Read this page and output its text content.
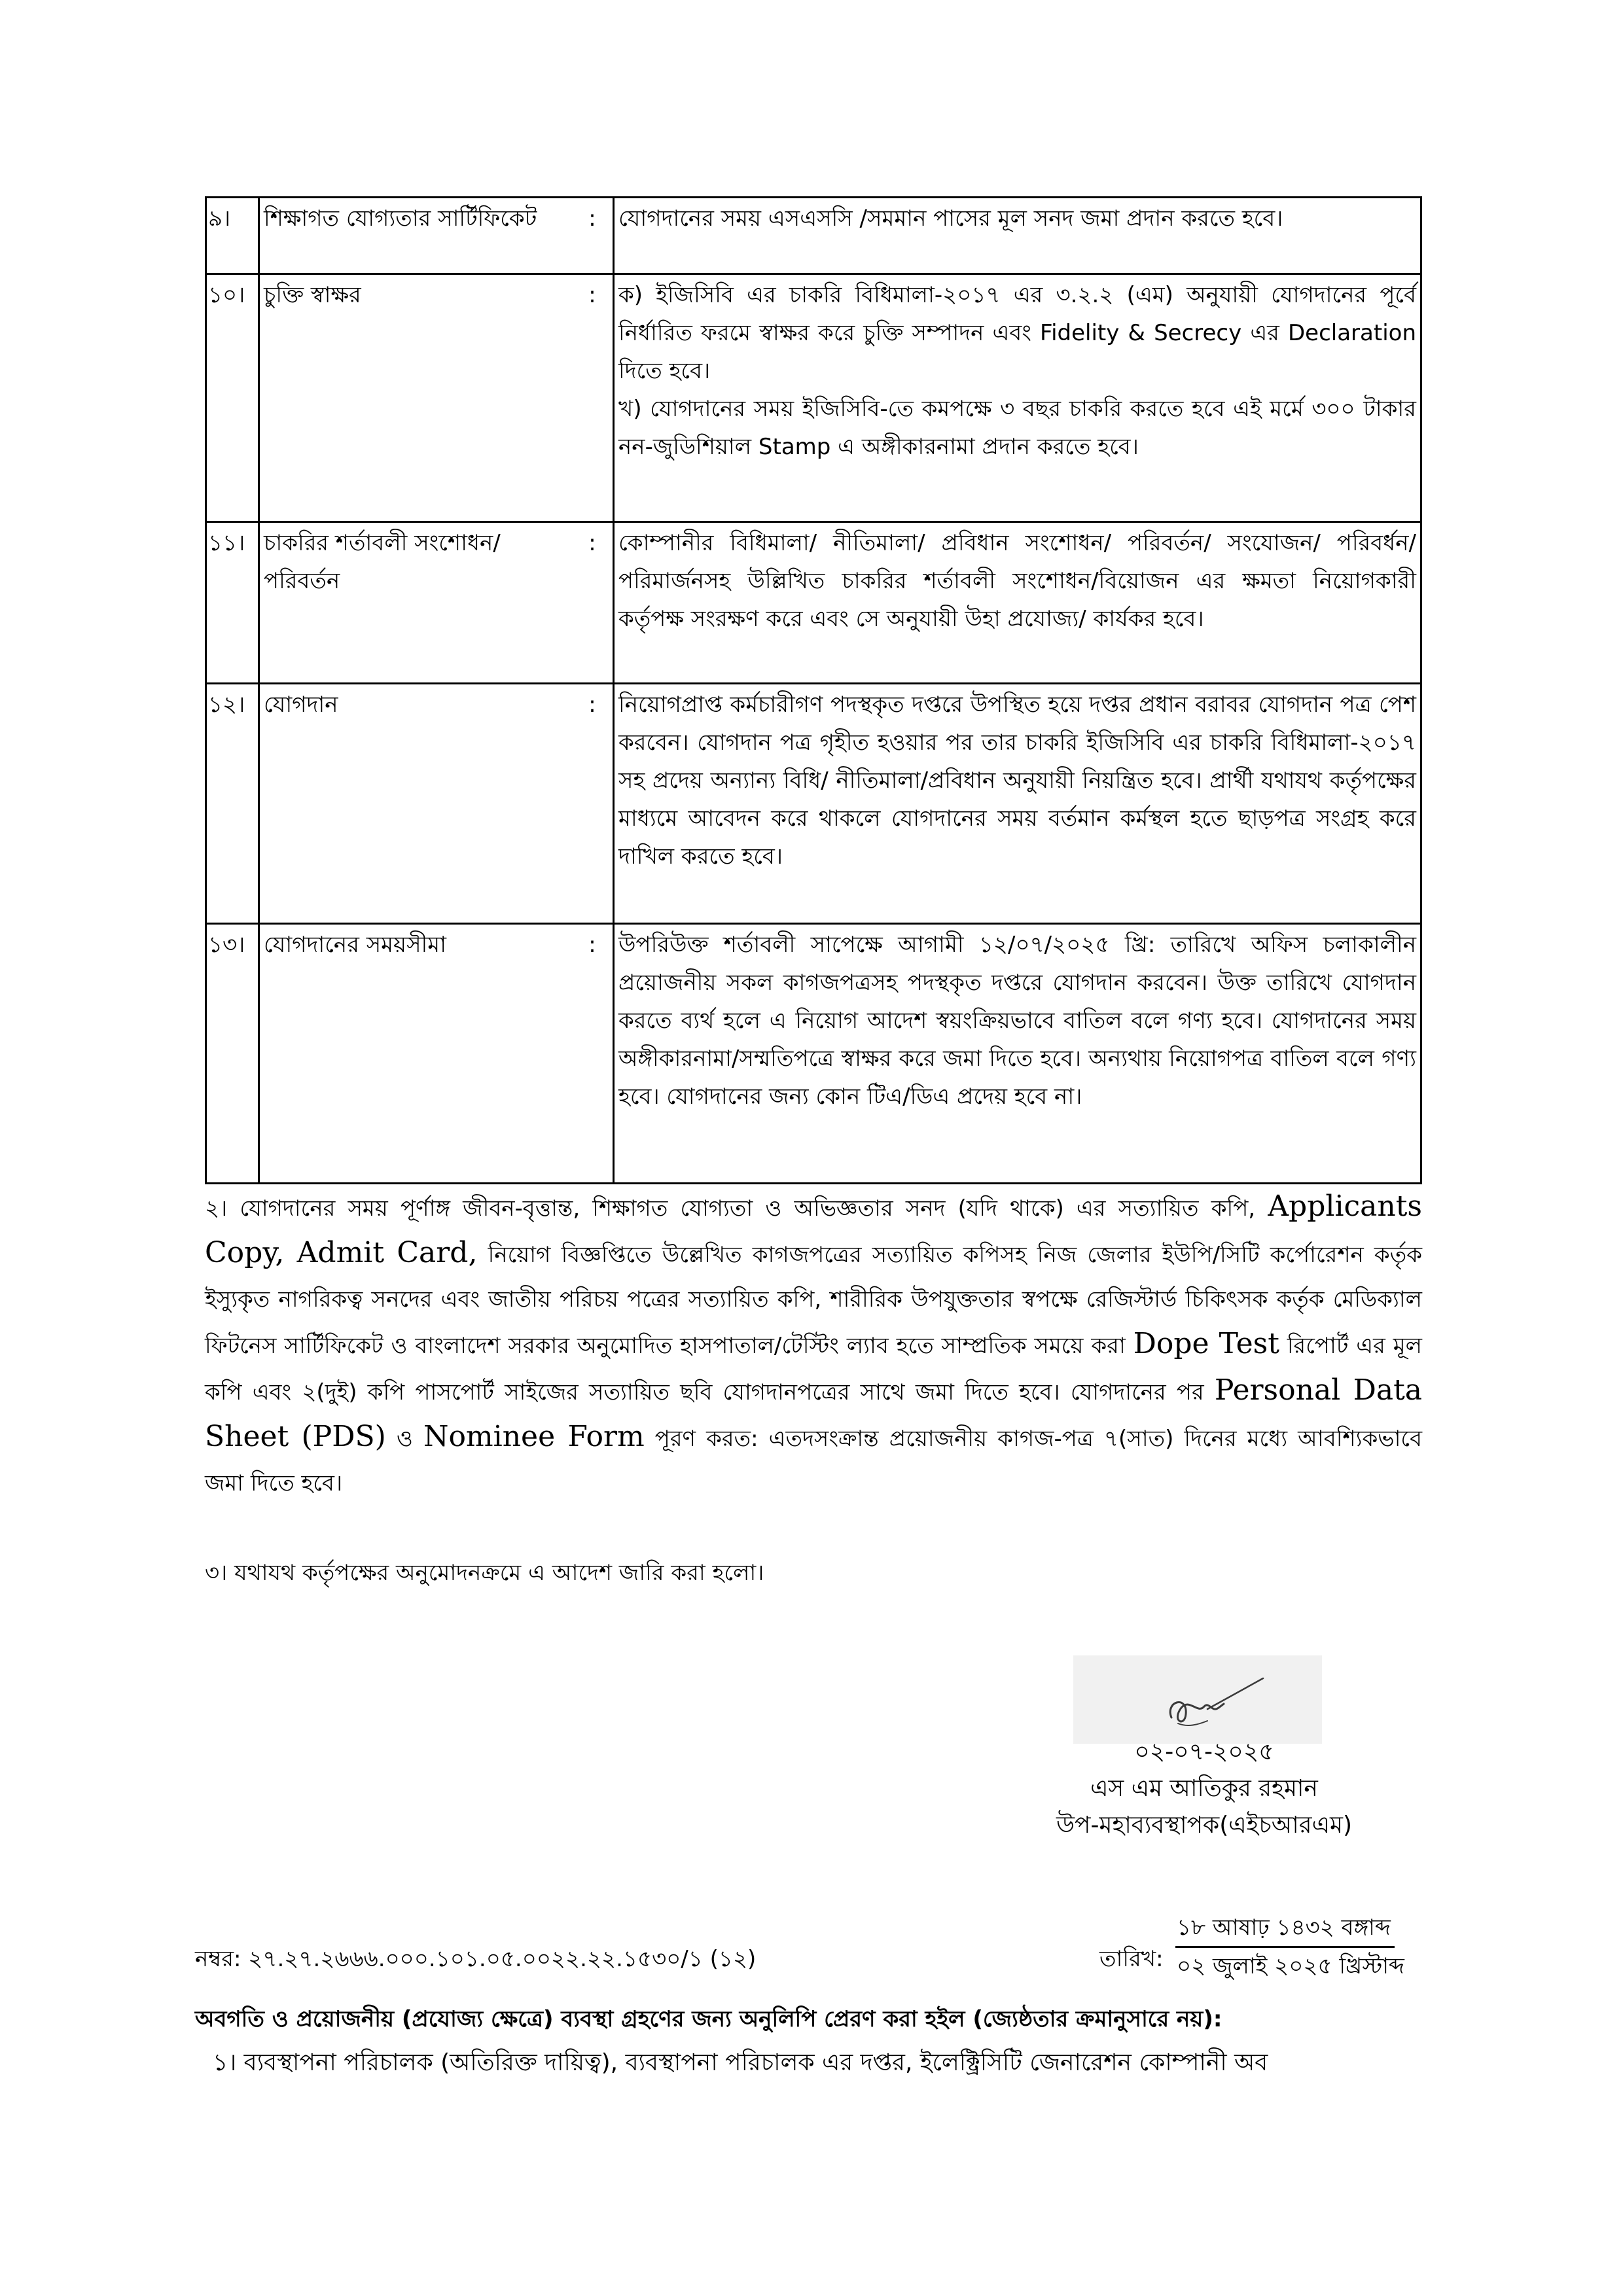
৯।	শিক্ষাগত যোগ্যতার সার্টিফিকেট	:	যোগদানের সময় এসএসসি /সমমান পাসের মূল সনদ জমা প্রদান করতে হবে।

১০।	চুক্তি স্বাক্ষর	:	ক) ইজিসিবি এর চাকরি বিধিমালা-২০১৭ এর ৩.২.২ (এম) অনুযায়ী যোগদানের পূর্বে নির্ধারিত ফরমে স্বাক্ষর করে চুক্তি সম্পাদন এবং Fidelity & Secrecy এর Declaration দিতে হবে।

খ) যোগদানের সময় ইজিসিবি-তে কমপক্ষে ৩ বছর চাকরি করতে হবে এই মর্মে ৩০০ টাকার নন-জুডিশিয়াল Stamp এ অঙ্গীকারনামা প্রদান করতে হবে।

১১।	চাকরির শর্তাবলী সংশোধন/ পরিবর্তন	:	কোম্পানীর বিধিমালা/ নীতিমালা/ প্রবিধান সংশোধন/ পরিবর্তন/ সংযোজন/ পরিবর্ধন/ পরিমার্জনসহ উল্লিখিত চাকরির শর্তাবলী সংশোধন/বিয়োজন এর ক্ষমতা নিয়োগকারী কর্তৃপক্ষ সংরক্ষণ করে এবং সে অনুযায়ী উহা প্রযোজ্য/ কার্যকর হবে।

১২।	যোগদান	:	নিয়োগপ্রাপ্ত কর্মচারীগণ পদস্থকৃত দপ্তরে উপস্থিত হয়ে দপ্তর প্রধান বরাবর যোগদান পত্র পেশ করবেন। যোগদান পত্র গৃহীত হওয়ার পর তার চাকরি ইজিসিবি এর চাকরি বিধিমালা-২০১৭ সহ প্রদেয় অন্যান্য বিধি/ নীতিমালা/প্রবিধান অনুযায়ী নিয়ন্ত্রিত হবে। প্রার্থী যথাযথ কর্তৃপক্ষের মাধ্যমে আবেদন করে থাকলে যোগদানের সময় বর্তমান কর্মস্থল হতে ছাড়পত্র সংগ্রহ করে দাখিল করতে হবে।

১৩।	যোগদানের সময়সীমা	:	উপরিউক্ত শর্তাবলী সাপেক্ষে আগামী ১২/০৭/২০২৫ খ্রি: তারিখে অফিস চলাকালীন প্রয়োজনীয় সকল কাগজপত্রসহ পদস্থকৃত দপ্তরে যোগদান করবেন। উক্ত তারিখে যোগদান করতে ব্যর্থ হলে এ নিয়োগ আদেশ স্বয়ংক্রিয়ভাবে বাতিল বলে গণ্য হবে। যোগদানের সময় অঙ্গীকারনামা/সম্মতিপত্রে স্বাক্ষর করে জমা দিতে হবে। অন্যথায় নিয়োগপত্র বাতিল বলে গণ্য হবে। যোগদানের জন্য কোন টিএ/ডিএ প্রদেয় হবে না।

২। যোগদানের সময় পূর্ণাঙ্গ জীবন-বৃত্তান্ত, শিক্ষাগত যোগ্যতা ও অভিজ্ঞতার সনদ (যদি থাকে) এর সত্যায়িত কপি, Applicants Copy, Admit Card, নিয়োগ বিজ্ঞপ্তিতে উল্লেখিত কাগজপত্রের সত্যায়িত কপিসহ নিজ জেলার ইউপি/সিটি কর্পোরেশন কর্তৃক ইস্যুকৃত নাগরিকত্ব সনদের এবং জাতীয় পরিচয় পত্রের সত্যায়িত কপি, শারীরিক উপযুক্ততার স্বপক্ষে রেজিস্টার্ড চিকিৎসক কর্তৃক মেডিক্যাল ফিটনেস সার্টিফিকেট ও বাংলাদেশ সরকার অনুমোদিত হাসপাতাল/টেস্টিং ল্যাব হতে সাম্প্রতিক সময়ে করা Dope Test রিপোর্ট এর মূল কপি এবং ২(দুই) কপি পাসপোর্ট সাইজের সত্যায়িত ছবি যোগদানপত্রের সাথে জমা দিতে হবে। যোগদানের পর Personal Data Sheet (PDS) ও Nominee Form পূরণ করত: এতদসংক্রান্ত প্রয়োজনীয় কাগজ-পত্র ৭(সাত) দিনের মধ্যে আবশ্যিকভাবে জমা দিতে হবে।

৩। যথাযথ কর্তৃপক্ষের অনুমোদনক্রমে এ আদেশ জারি করা হলো।

০২-০৭-২০২৫
এস এম আতিকুর রহমান
উপ-মহাব্যবস্থাপক(এইচআরএম)
নম্বর: ২৭.২৭.২৬৬৬.০০০.১০১.০৫.০০২২.২২.১৫৩০/১ (১২)	তারিখ:
১৮ আষাঢ় ১৪৩২ বঙ্গাব্দ
০২ জুলাই ২০২৫ খ্রিস্টাব্দ
অবগতি ও প্রয়োজনীয় (প্রযোজ্য ক্ষেত্রে) ব্যবস্থা গ্রহণের জন্য অনুলিপি প্রেরণ করা হইল (জ্যেষ্ঠতার ক্রমানুসারে নয়):
১। ব্যবস্থাপনা পরিচালক (অতিরিক্ত দায়িত্ব), ব্যবস্থাপনা পরিচালক এর দপ্তর, ইলেক্ট্রিসিটি জেনারেশন কোম্পানী অব
